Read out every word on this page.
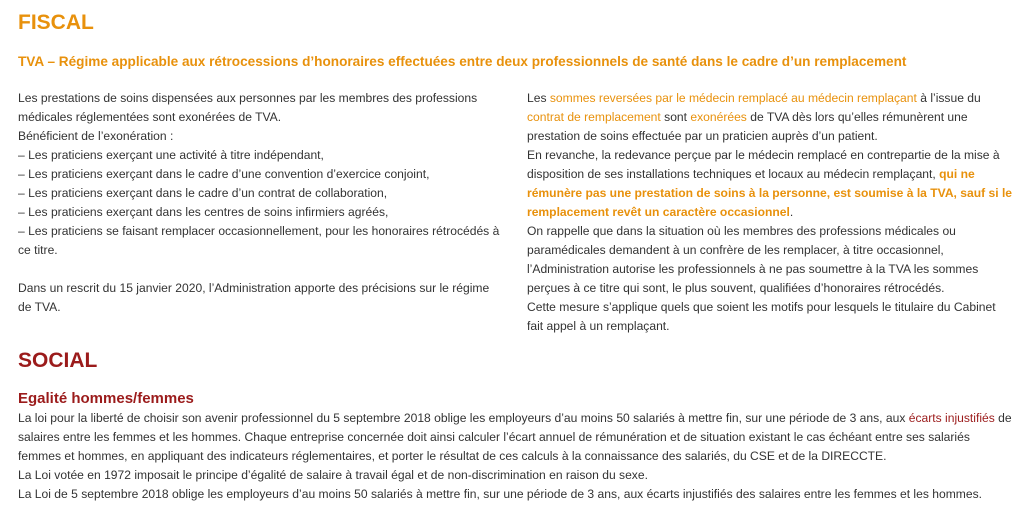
FISCAL
TVA – Régime applicable aux rétrocessions d’honoraires effectuées entre deux professionnels de santé dans le cadre d’un remplacement
Les prestations de soins dispensées aux personnes par les membres des professions
médicales réglementées sont exonérées de TVA.
Bénéficient de l’exonération :
– Les praticiens exerçant une activité à titre indépendant,
– Les praticiens exerçant dans le cadre d’une convention d’exercice conjoint,
– Les praticiens exerçant dans le cadre d’un contrat de collaboration,
– Les praticiens exerçant dans les centres de soins infirmiers agréés,
– Les praticiens se faisant remplacer occasionnellement, pour les honoraires rétrocédés à
ce titre.
Dans un rescrit du 15 janvier 2020, l’Administration apporte des précisions sur le régime
de TVA.
Les sommes reversées par le médecin remplacé au médecin remplaçant à l’issue du
contrat de remplacement sont exonérées de TVA dès lors qu’elles rémunèrent une
prestation de soins effectuée par un praticien auprès d’un patient.
En revanche, la redevance perçue par le médecin remplacé en contrepartie de la mise à
disposition de ses installations techniques et locaux au médecin remplaçant, qui ne
rémunère pas une prestation de soins à la personne, est soumise à la TVA, sauf si le
remplacement revêt un caractère occasionnel.
On rappelle que dans la situation où les membres des professions médicales ou
paramédicales demandent à un confrère de les remplacer, à titre occasionnel,
l’Administration autorise les professionnels à ne pas soumettre à la TVA les sommes
perçues à ce titre qui sont, le plus souvent, qualifiées d’honoraires rétrocédés.
Cette mesure s’applique quels que soient les motifs pour lesquels le titulaire du Cabinet
fait appel à un remplaçant.
SOCIAL
Egalité hommes/femmes
La loi pour la liberté de choisir son avenir professionnel du 5 septembre 2018 oblige les employeurs d’au moins 50 salariés à mettre fin, sur une période de 3 ans, aux écarts injustifiés de
salaires entre les femmes et les hommes. Chaque entreprise concernée doit ainsi calculer l’écart annuel de rémunération et de situation existant le cas échéant entre ses salariés
femmes et hommes, en appliquant des indicateurs réglementaires, et porter le résultat de ces calculs à la connaissance des salariés, du CSE et de la DIRECCTE.
La Loi votée en 1972 imposait le principe d’égalité de salaire à travail égal et de non-discrimination en raison du sexe.
La Loi de 5 septembre 2018 oblige les employeurs d’au moins 50 salariés à mettre fin, sur une période de 3 ans, aux écarts injustifiés des salaires entre les femmes et les hommes.
